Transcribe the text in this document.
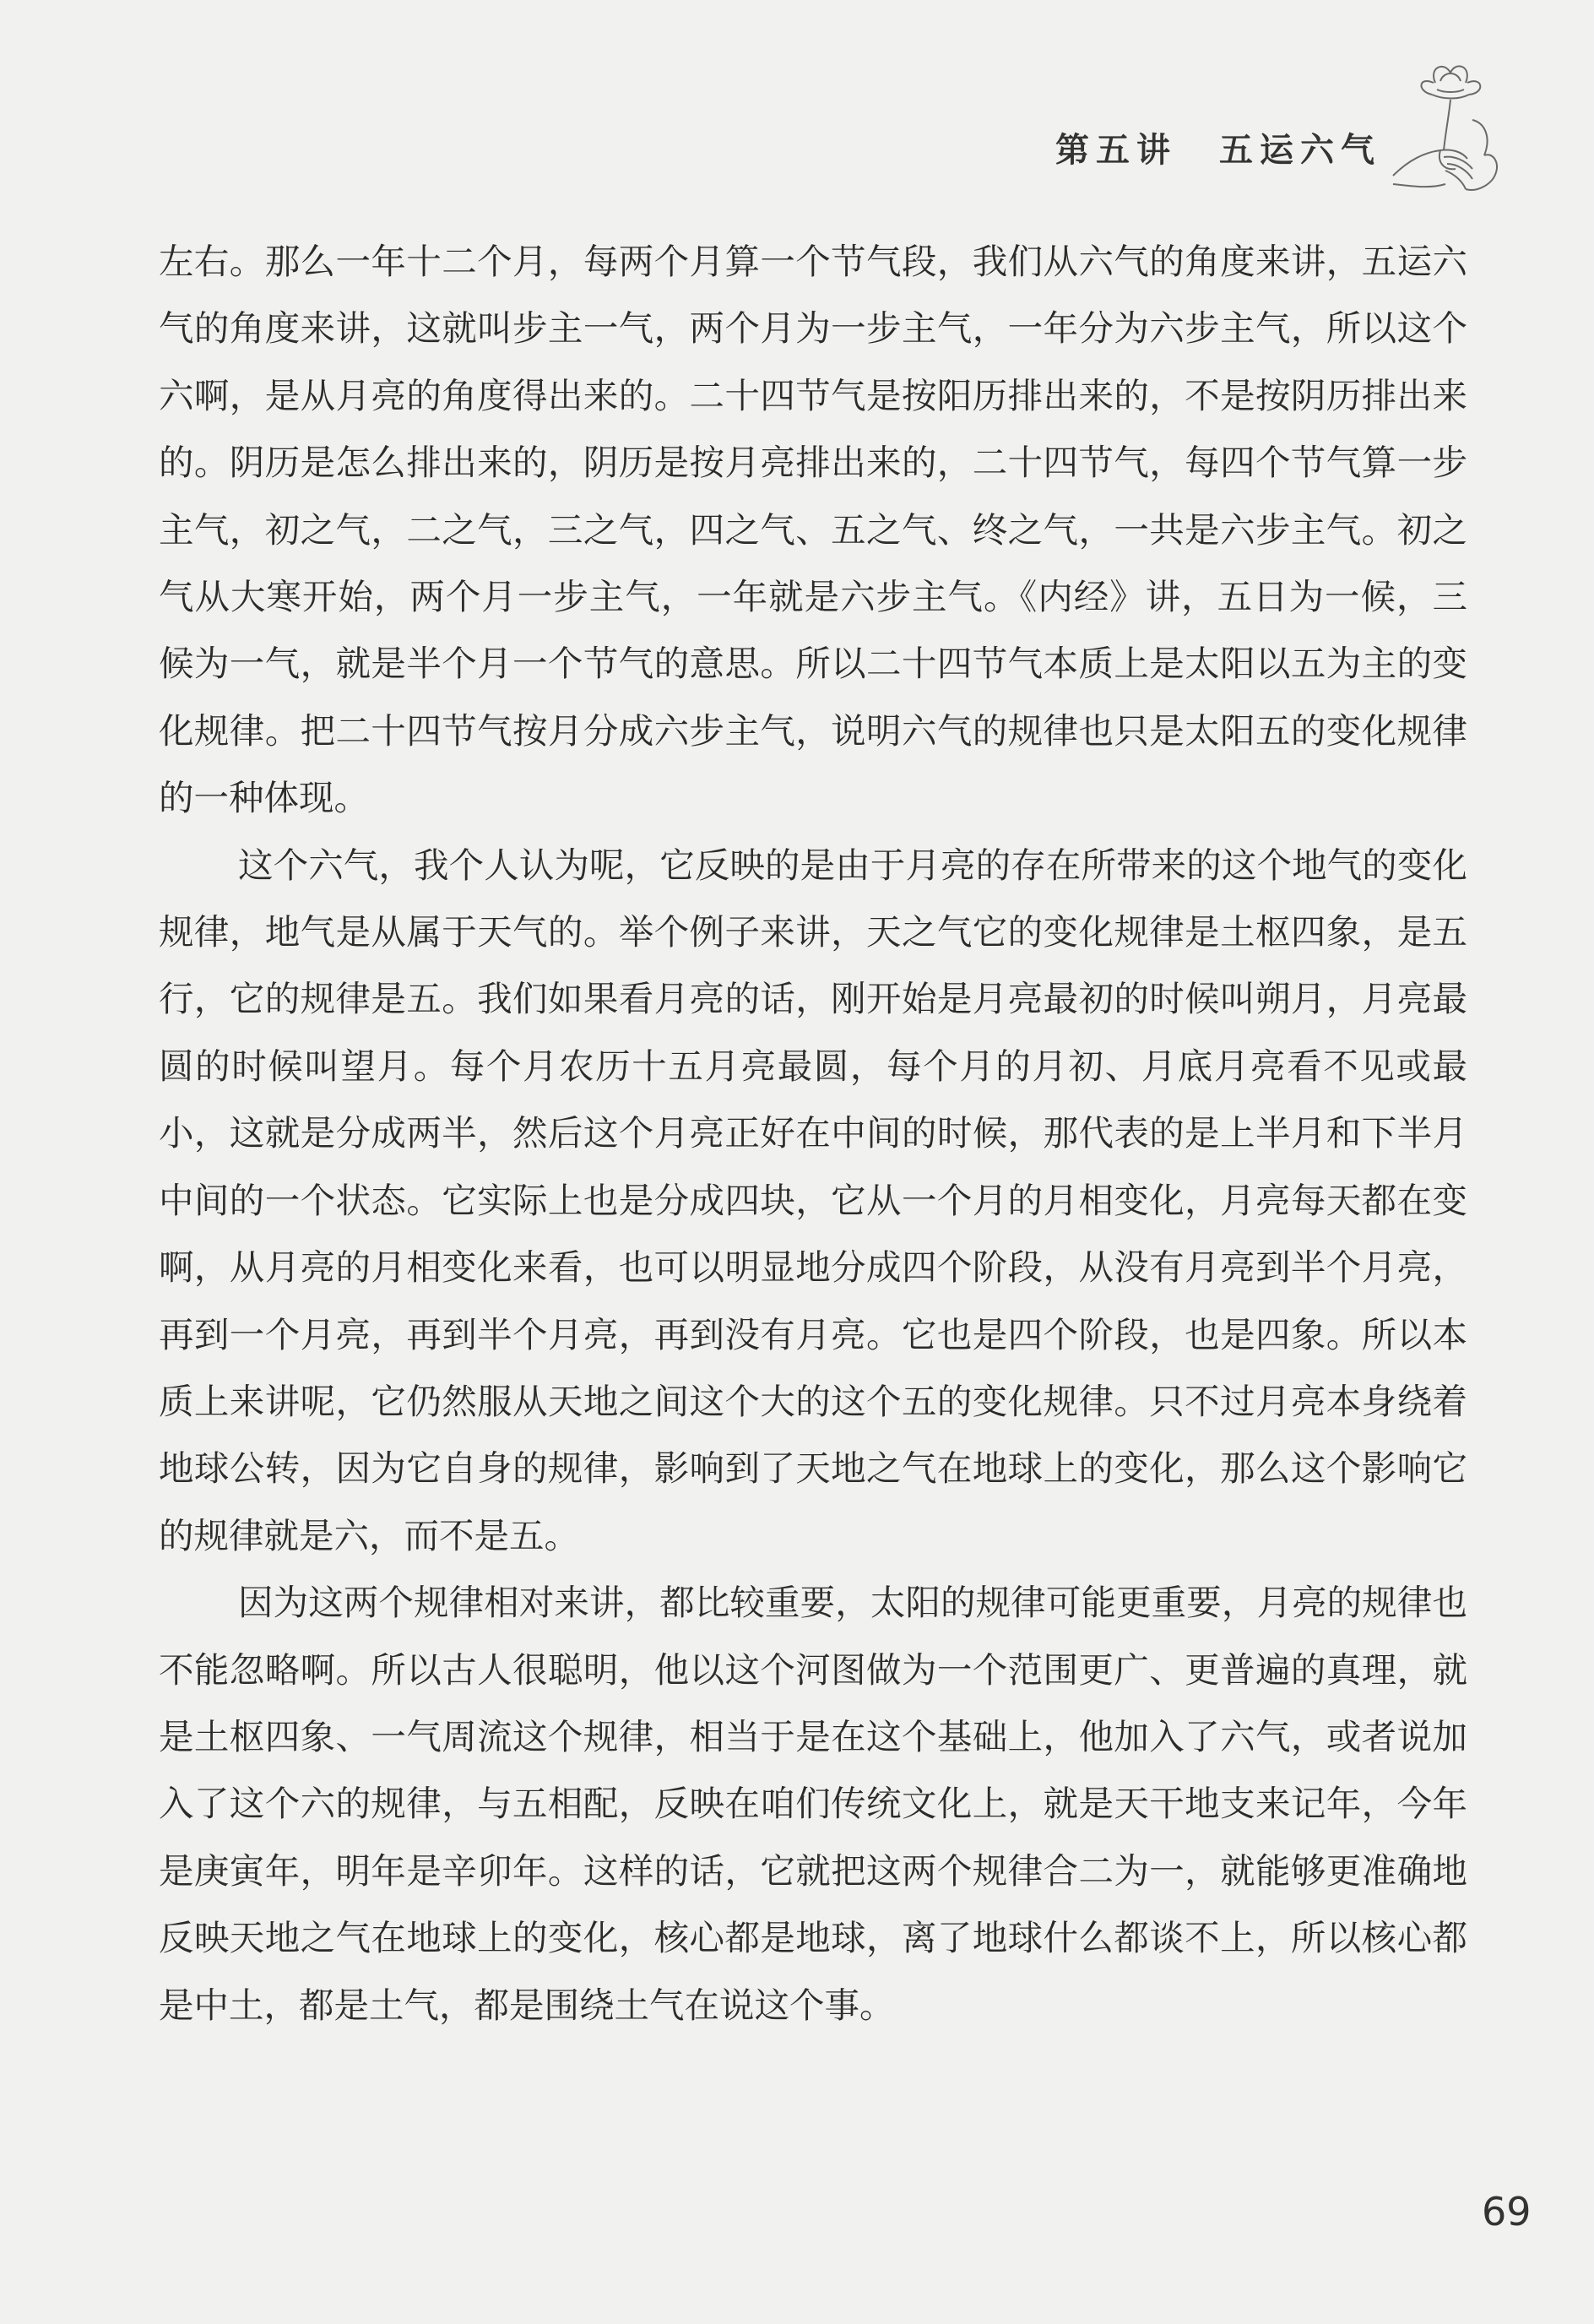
第五讲 五运六气

左右。那么一年十二个月，每两个月算一个节气段，我们从六气的角度来讲，五运六气的角度来讲，这就叫步主一气，两个月为一步主气，一年分为六步主气，所以这个六啊，是从月亮的角度得出来的。二十四节气是按阳历排出来的，不是按阴历排出来的。阴历是怎么排出来的，阴历是按月亮排出来的，二十四节气，每四个节气算一步主气，初之气，二之气，三之气，四之气、五之气、终之气，一共是六步主气。初之气从大寒开始，两个月一步主气，一年就是六步主气。《内经》讲，五日为一候，三候为一气，就是半个月一个节气的意思。所以二十四节气本质上是太阳以五为主的变化规律。把二十四节气按月分成六步主气，说明六气的规律也只是太阳五的变化规律的一种体现。

这个六气，我个人认为呢，它反映的是由于月亮的存在所带来的这个地气的变化规律，地气是从属于天气的。举个例子来讲，天之气它的变化规律是土枢四象，是五行，它的规律是五。我们如果看月亮的话，刚开始是月亮最初的时候叫朔月，月亮最圆的时候叫望月。每个月农历十五月亮最圆，每个月的月初、月底月亮看不见或最小，这就是分成两半，然后这个月亮正好在中间的时候，那代表的是上半月和下半月中间的一个状态。它实际上也是分成四块，它从一个月的月相变化，月亮每天都在变啊，从月亮的月相变化来看，也可以明显地分成四个阶段，从没有月亮到半个月亮，再到一个月亮，再到半个月亮，再到没有月亮。它也是四个阶段，也是四象。所以本质上来讲呢，它仍然服从天地之间这个大的这个五的变化规律。只不过月亮本身绕着地球公转，因为它自身的规律，影响到了天地之气在地球上的变化，那么这个影响它的规律就是六，而不是五。

因为这两个规律相对来讲，都比较重要，太阳的规律可能更重要，月亮的规律也不能忽略啊。所以古人很聪明，他以这个河图做为一个范围更广、更普遍的真理，就是土枢四象、一气周流这个规律，相当于是在这个基础上，他加入了六气，或者说加入了这个六的规律，与五相配，反映在咱们传统文化上，就是天干地支来记年，今年是庚寅年，明年是辛卯年。这样的话，它就把这两个规律合二为一，就能够更准确地反映天地之气在地球上的变化，核心都是地球，离了地球什么都谈不上，所以核心都是中土，都是土气，都是围绕土气在说这个事。

69
